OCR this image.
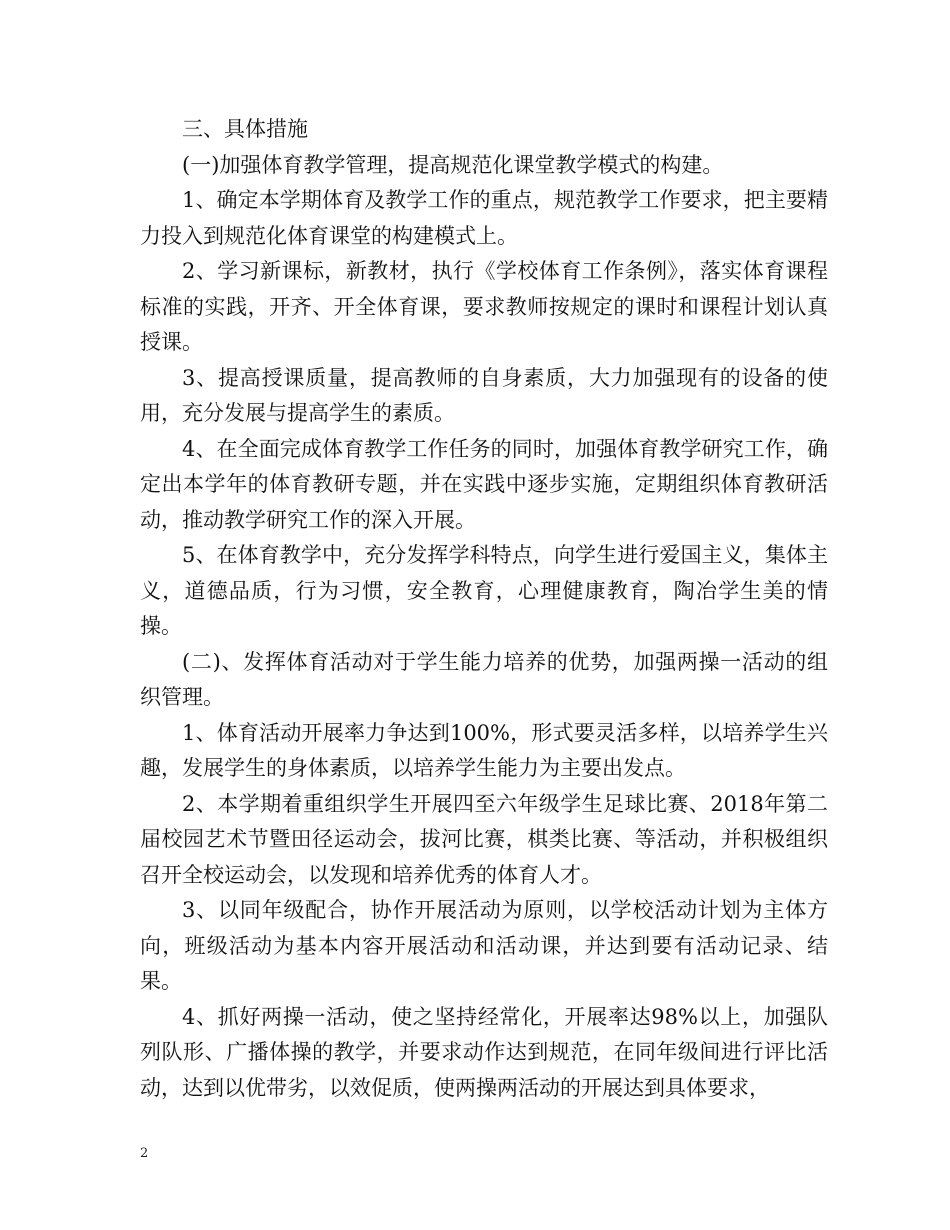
三、具体措施

(一)加强体育教学管理，提高规范化课堂教学模式的构建。

1、确定本学期体育及教学工作的重点，规范教学工作要求，把主要精力投入到规范化体育课堂的构建模式上。

2、学习新课标，新教材，执行《学校体育工作条例》，落实体育课程标准的实践，开齐、开全体育课，要求教师按规定的课时和课程计划认真授课。

3、提高授课质量，提高教师的自身素质，大力加强现有的设备的使用，充分发展与提高学生的素质。

4、在全面完成体育教学工作任务的同时，加强体育教学研究工作，确定出本学年的体育教研专题，并在实践中逐步实施，定期组织体育教研活动，推动教学研究工作的深入开展。

5、在体育教学中，充分发挥学科特点，向学生进行爱国主义，集体主义，道德品质，行为习惯，安全教育，心理健康教育，陶冶学生美的情操。

(二)、发挥体育活动对于学生能力培养的优势，加强两操一活动的组织管理。

1、体育活动开展率力争达到100%，形式要灵活多样，以培养学生兴趣，发展学生的身体素质，以培养学生能力为主要出发点。

2、本学期着重组织学生开展四至六年级学生足球比赛、2018年第二届校园艺术节暨田径运动会，拔河比赛，棋类比赛、等活动，并积极组织召开全校运动会，以发现和培养优秀的体育人才。

3、以同年级配合，协作开展活动为原则，以学校活动计划为主体方向，班级活动为基本内容开展活动和活动课，并达到要有活动记录、结果。

4、抓好两操一活动，使之坚持经常化，开展率达98%以上，加强队列队形、广播体操的教学，并要求动作达到规范，在同年级间进行评比活动，达到以优带劣，以效促质，使两操两活动的开展达到具体要求，

2
